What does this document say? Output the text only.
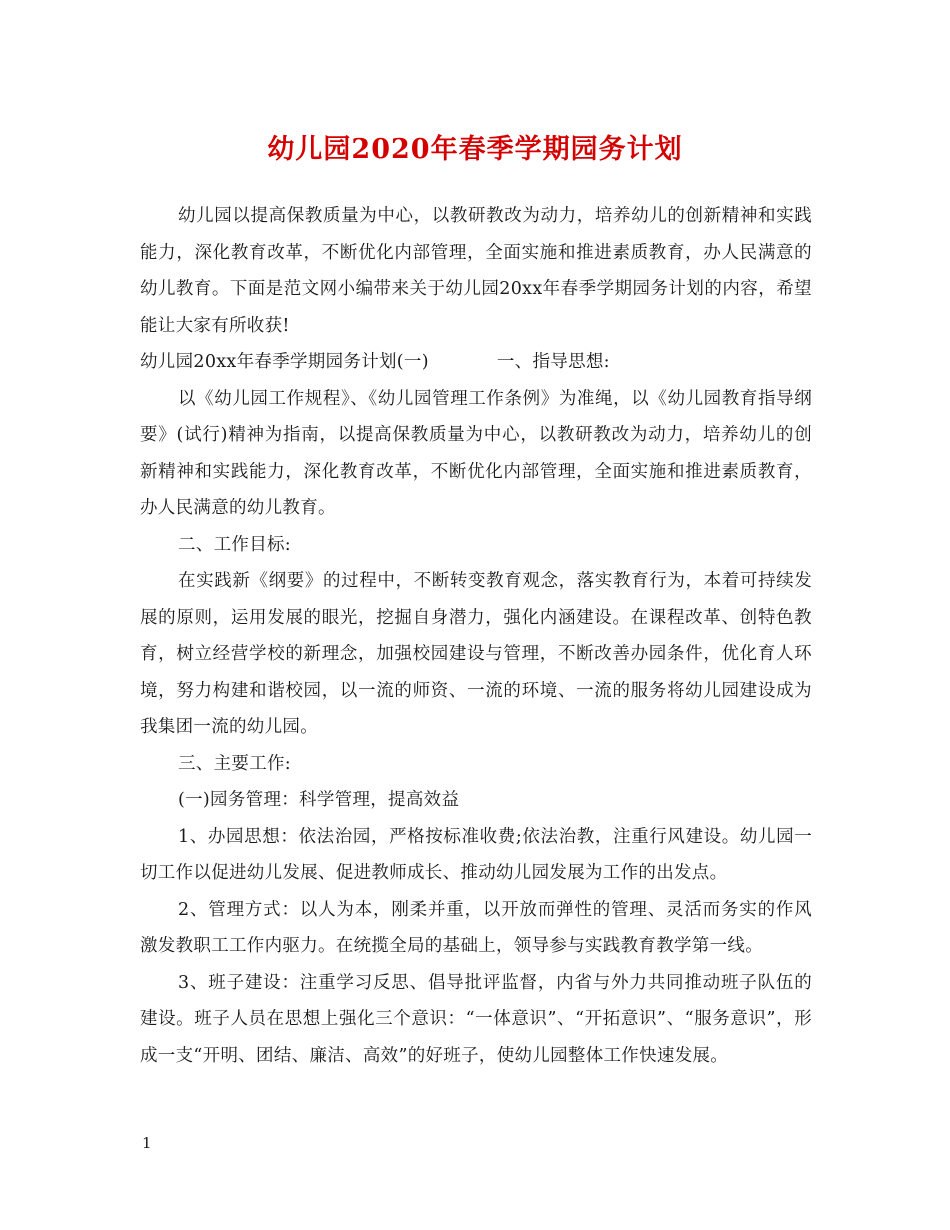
幼儿园2020年春季学期园务计划

幼儿园以提高保教质量为中心，以教研教改为动力，培养幼儿的创新精神和实践能力，深化教育改革，不断优化内部管理，全面实施和推进素质教育，办人民满意的幼儿教育。下面是范文网小编带来关于幼儿园20xx年春季学期园务计划的内容，希望能让大家有所收获!

幼儿园20xx年春季学期园务计划(一)	一、指导思想:

以《幼儿园工作规程》、《幼儿园管理工作条例》为准绳，以《幼儿园教育指导纲要》(试行)精神为指南，以提高保教质量为中心，以教研教改为动力，培养幼儿的创新精神和实践能力，深化教育改革，不断优化内部管理，全面实施和推进素质教育，办人民满意的幼儿教育。

二、工作目标:

在实践新《纲要》的过程中，不断转变教育观念，落实教育行为，本着可持续发展的原则，运用发展的眼光，挖掘自身潜力，强化内涵建设。在课程改革、创特色教育，树立经营学校的新理念，加强校园建设与管理，不断改善办园条件，优化育人环境，努力构建和谐校园，以一流的师资、一流的环境、一流的服务将幼儿园建设成为我集团一流的幼儿园。

三、主要工作:

(一)园务管理：科学管理，提高效益

1、办园思想：依法治园，严格按标准收费;依法治教，注重行风建设。幼儿园一切工作以促进幼儿发展、促进教师成长、推动幼儿园发展为工作的出发点。

2、管理方式：以人为本，刚柔并重，以开放而弹性的管理、灵活而务实的作风激发教职工工作内驱力。在统揽全局的基础上，领导参与实践教育教学第一线。

3、班子建设：注重学习反思、倡导批评监督，内省与外力共同推动班子队伍的建设。班子人员在思想上强化三个意识：“一体意识”、“开拓意识”、“服务意识”，形成一支“开明、团结、廉洁、高效”的好班子，使幼儿园整体工作快速发展。

1
